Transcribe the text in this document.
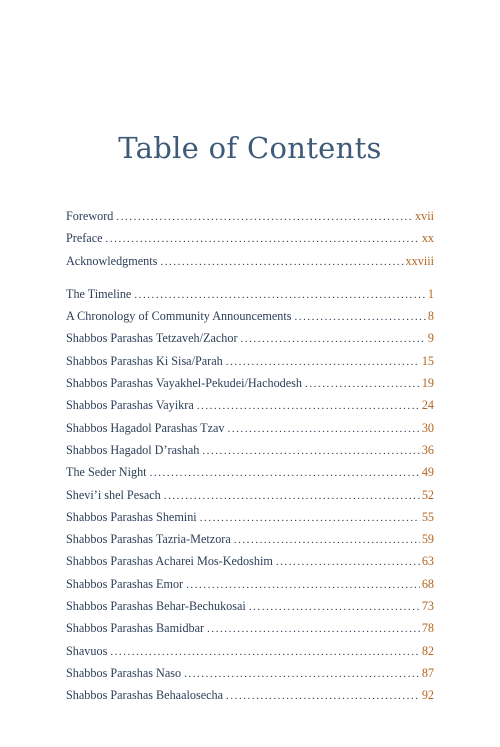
Table of Contents
Foreword . . .	xvii
Preface . . .	xx
Acknowledgments . . .	xxviii
The Timeline . . .	1
A Chronology of Community Announcements . . .	8
Shabbos Parashas Tetzaveh/Zachor . . .	9
Shabbos Parashas Ki Sisa/Parah . . .	15
Shabbos Parashas Vayakhel-Pekudei/Hachodesh . . .	19
Shabbos Parashas Vayikra . . .	24
Shabbos Hagadol Parashas Tzav . . .	30
Shabbos Hagadol D’rashah . . .	36
The Seder Night . . .	49
Shevi’i shel Pesach . . .	52
Shabbos Parashas Shemini . . .	55
Shabbos Parashas Tazria-Metzora . . .	59
Shabbos Parashas Acharei Mos-Kedoshim . . .	63
Shabbos Parashas Emor . . .	68
Shabbos Parashas Behar-Bechukosai . . .	73
Shabbos Parashas Bamidbar . . .	78
Shavuos . . .	82
Shabbos Parashas Naso . . .	87
Shabbos Parashas Behaalosecha . . .	92
